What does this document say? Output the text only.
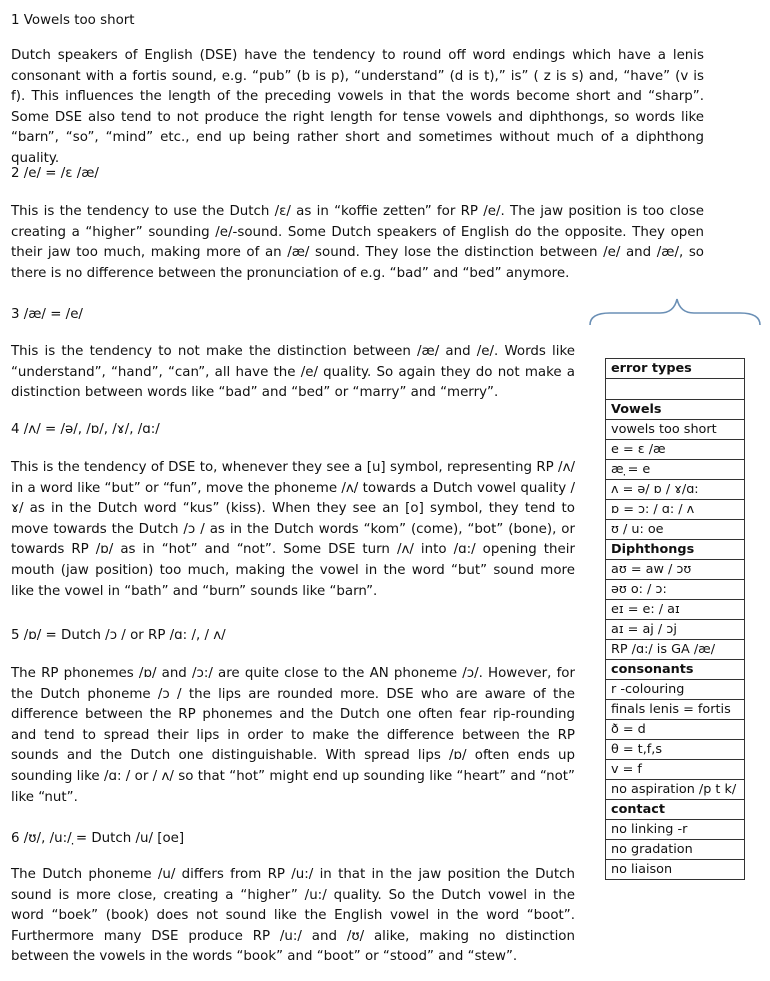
1 Vowels too short

Dutch speakers of English (DSE) have the tendency to round off word endings which have a lenis consonant with a fortis sound, e.g. “pub” (b is p), “understand” (d is t),” is” ( z is s) and, “have” (v is f). This influences the length of the preceding vowels in that the words become short and “sharp”. Some DSE also tend to not produce the right length for tense vowels and diphthongs, so words like “barn”, “so”, “mind” etc., end up being rather short and sometimes without much of a diphthong quality.

2 /e/ = /ɛ /æ/

This is the tendency to use the Dutch /ɛ/ as in “koffie zetten” for RP /e/. The jaw position is too close creating a “higher” sounding /e/-sound. Some Dutch speakers of English do the opposite. They open their jaw too much, making more of an /æ/ sound. They lose the distinction between /e/ and /æ/, so there is no difference between the pronunciation of e.g. “bad” and “bed” anymore.

3 /æ/ = /e/

This is the tendency to not make the distinction between /æ/ and /e/. Words like “understand”, “hand”, “can”, all have the /e/ quality. So again they do not make a distinction between words like “bad” and “bed” or “marry” and “merry”.

4 /ʌ/ = /ə/, /ɒ/, /ɤ/, /ɑ:/

This is the tendency of DSE to, whenever they see a [u] symbol, representing RP /ʌ/ in a word like “but” or “fun”, move the phoneme /ʌ/ towards a Dutch vowel quality /ɤ/ as in the Dutch word “kus” (kiss). When they see an [o] symbol, they tend to move towards the Dutch /ɔ / as in the Dutch words “kom” (come), “bot” (bone), or towards RP /ɒ/ as in “hot” and “not”. Some DSE turn /ʌ/ into /ɑ:/ opening their mouth (jaw position) too much, making the vowel in the word “but” sound more like the vowel in “bath” and “burn” sounds like “barn”.

5 /ɒ/ = Dutch /ɔ / or RP /ɑ: /, / ʌ/

The RP phonemes /ɒ/ and /ɔ:/ are quite close to the AN phoneme /ɔ/. However, for the Dutch phoneme /ɔ / the lips are rounded more. DSE who are aware of the difference between the RP phonemes and the Dutch one often fear rip-rounding and tend to spread their lips in order to make the difference between the RP sounds and the Dutch one distinguishable. With spread lips /ɒ/ often ends up sounding like /ɑ: / or / ʌ/ so that “hot” might end up sounding like “heart” and “not” like “nut”.

6 /ʊ/, /u:/ ̣= Dutch /u/ [oe]

The Dutch phoneme /u/ differs from RP /u:/ in that in the jaw position the Dutch sound is more close, creating a “higher” /u:/ quality. So the Dutch vowel in the word “boek” (book) does not sound like the English vowel in the word “boot”. Furthermore many DSE produce RP /u:/ and /ʊ/ alike, making no distinction between the vowels in the words “book” and “boot” or “stood” and “stew”.

error types

Vowels
vowels too short
e = ɛ /æ
æ ̣= e
ʌ = ə/ ɒ / ɤ/ɑ:
ɒ = ɔ: / ɑ: / ʌ
ʊ / u: oe
Diphthongs
aʊ = aw / ɔʊ
əʊ o: / ɔ:
eɪ = e: / aɪ
aɪ = aj / ɔj
RP /ɑ:/ is GA /æ/
consonants
r -colouring
finals lenis = fortis
ð = d
θ = t,f,s
v = f
no aspiration /p t k/
contact
no linking -r
no gradation
no liaison
